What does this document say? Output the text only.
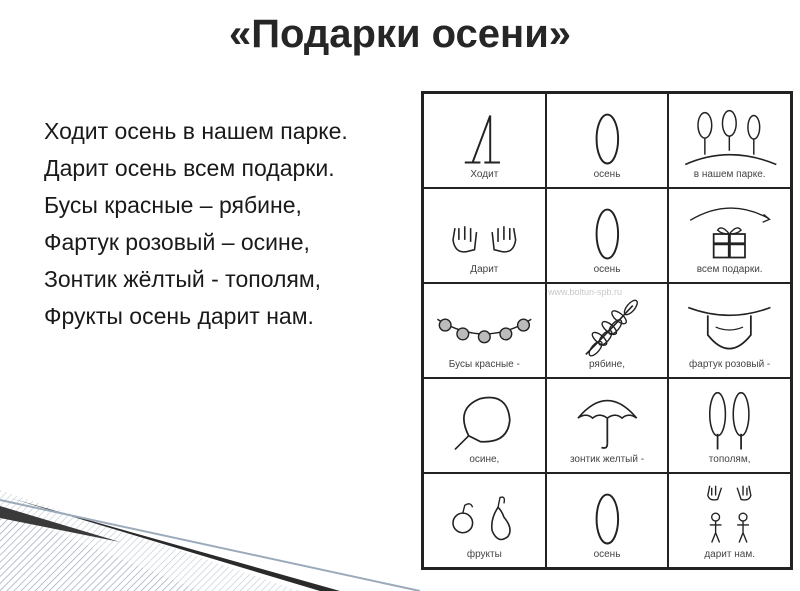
«Подарки осени»
Ходит осень в нашем парке.
Дарит осень всем подарки.
Бусы красные – рябине,
Фартук розовый – осине,
Зонтик жёлтый - тополям,
Фрукты осень дарит нам.
Ходит	осень	в нашем парке.
Дарит	осень	всем подарки.
Бусы красные -	рябине,	фартук розовый -
осине,	зонтик желтый -	тополям,
фрукты	осень	дарит нам.
www.boltun-spb.ru
